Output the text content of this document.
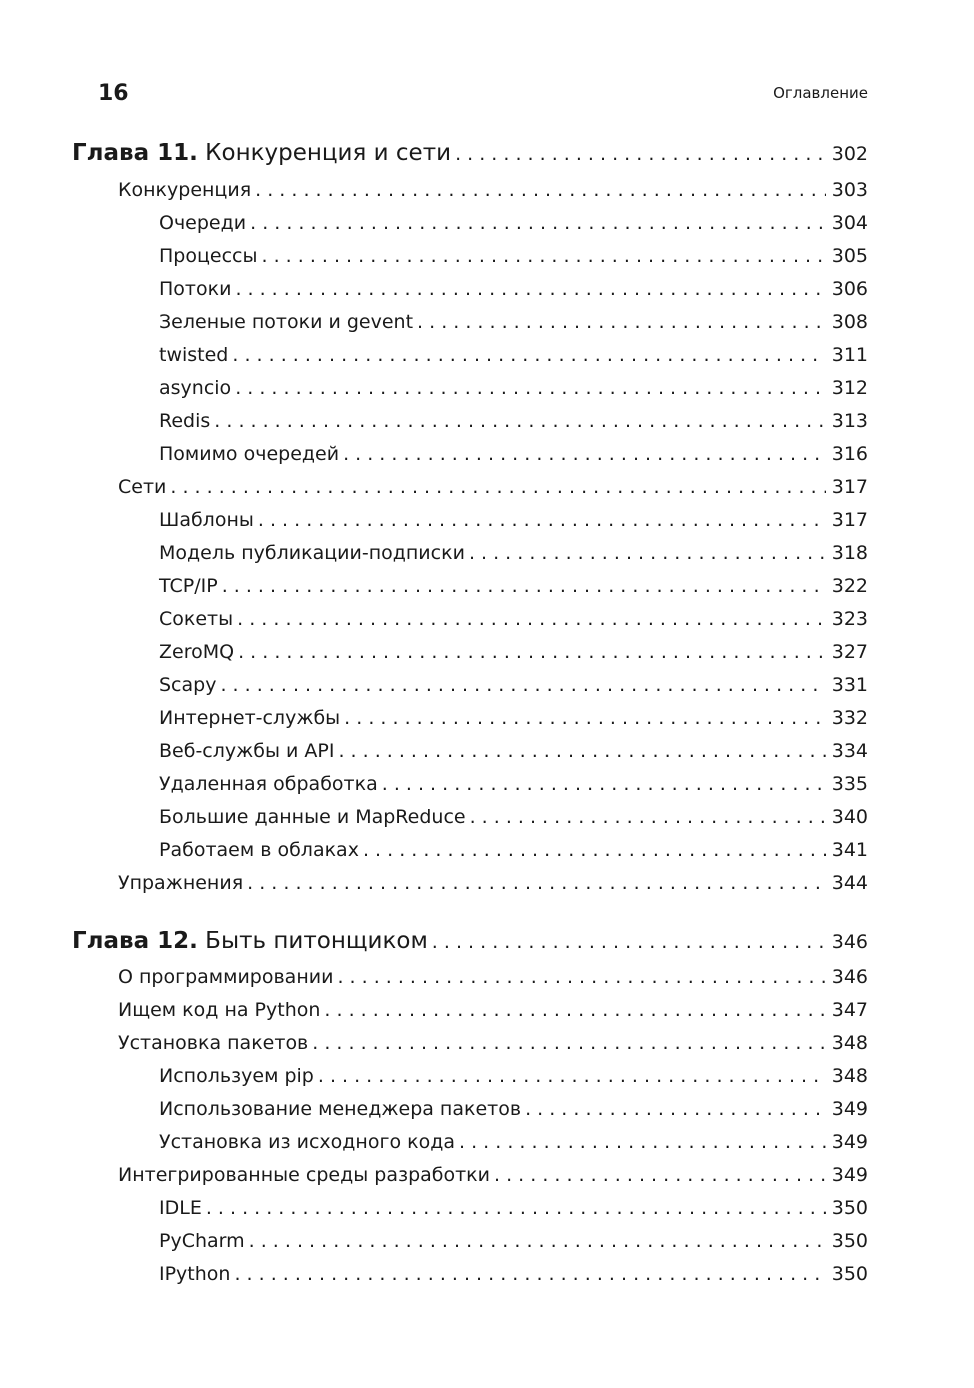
16	Оглавление
Глава 11. Конкуренция и сети . . .	302
Конкуренция . . .	303
Очереди . . .	304
Процессы . . .	305
Потоки . . .	306
Зеленые потоки и gevent . . .	308
twisted . . .	311
asyncio . . .	312
Redis . . .	313
Помимо очередей . . .	316
Сети . . .	317
Шаблоны . . .	317
Модель публикации-подписки . . .	318
TCP/IP . . .	322
Сокеты . . .	323
ZeroMQ . . .	327
Scapy . . .	331
Интернет-службы . . .	332
Веб-службы и API . . .	334
Удаленная обработка . . .	335
Большие данные и MapReduce . . .	340
Работаем в облаках . . .	341
Упражнения . . .	344
Глава 12. Быть питонщиком . . .	346
О программировании . . .	346
Ищем код на Python . . .	347
Установка пакетов . . .	348
Используем pip . . .	348
Использование менеджера пакетов . . .	349
Установка из исходного кода . . .	349
Интегрированные среды разработки . . .	349
IDLE . . .	350
PyCharm . . .	350
IPython . . .	350
